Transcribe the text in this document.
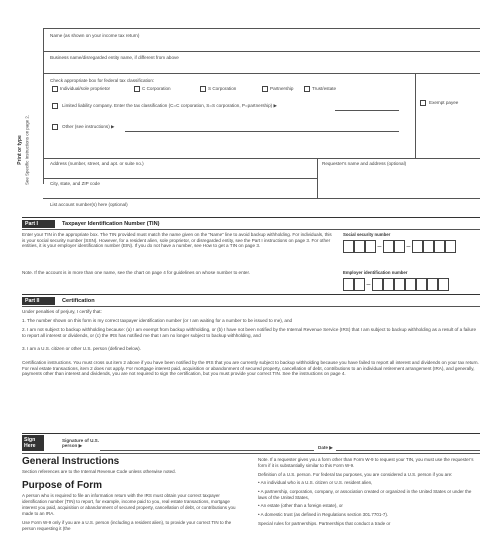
Print or type See Specific Instructions on page 2.
Name (as shown on your income tax return)
Business name/disregarded entity name, if different from above
Check appropriate box for federal tax classification:
Individual/sole proprietor	C Corporation	S Corporation	Partnership	Trust/estate
Limited liability company. Enter the tax classification (C=C corporation, S=S corporation, P=partnership) ▶
Exempt payee
Other (see instructions) ▶
Address (number, street, and apt. or suite no.)	Requester's name and address (optional)
City, state, and ZIP code
List account number(s) here (optional)
Part I	Taxpayer Identification Number (TIN)
Enter your TIN in the appropriate box. The TIN provided must match the name given on the “Name” line to avoid backup withholding. For individuals, this is your social security number (SSN). However, for a resident alien, sole proprietor, or disregarded entity, see the Part I instructions on page 3. For other entities, it is your employer identification number (EIN). If you do not have a number, see How to get a TIN on page 3.
Note. If the account is in more than one name, see the chart on page 4 for guidelines on whose number to enter.
Social security number
–	–
Employer identification number
–
Part II	Certification
Under penalties of perjury, I certify that:
1. The number shown on this form is my correct taxpayer identification number (or I am waiting for a number to be issued to me), and
2. I am not subject to backup withholding because: (a) I am exempt from backup withholding, or (b) I have not been notified by the Internal Revenue Service (IRS) that I am subject to backup withholding as a result of a failure to report all interest or dividends, or (c) the IRS has notified me that I am no longer subject to backup withholding, and
3. I am a U.S. citizen or other U.S. person (defined below).
Certification instructions. You must cross out item 2 above if you have been notified by the IRS that you are currently subject to backup withholding because you have failed to report all interest and dividends on your tax return. For real estate transactions, item 2 does not apply. For mortgage interest paid, acquisition or abandonment of secured property, cancellation of debt, contributions to an individual retirement arrangement (IRA), and generally, payments other than interest and dividends, you are not required to sign the certification, but you must provide your correct TIN. See the instructions on page 4.
Sign Here
Signature of U.S. person ▶	Date ▶
General Instructions

Section references are to the Internal Revenue Code unless otherwise noted.

Purpose of Form

A person who is required to file an information return with the IRS must obtain your correct taxpayer identification number (TIN) to report, for example, income paid to you, real estate transactions, mortgage interest you paid, acquisition or abandonment of secured property, cancellation of debt, or contributions you made to an IRA.

Use Form W-9 only if you are a U.S. person (including a resident alien), to provide your correct TIN to the person requesting it (the

Note. If a requester gives you a form other than Form W-9 to request your TIN, you must use the requester’s form if it is substantially similar to this Form W-9.

Definition of a U.S. person. For federal tax purposes, you are considered a U.S. person if you are:

• An individual who is a U.S. citizen or U.S. resident alien,

• A partnership, corporation, company, or association created or organized in the United States or under the laws of the United States,

• An estate (other than a foreign estate), or

• A domestic trust (as defined in Regulations section 301.7701-7).

Special rules for partnerships. Partnerships that conduct a trade or
